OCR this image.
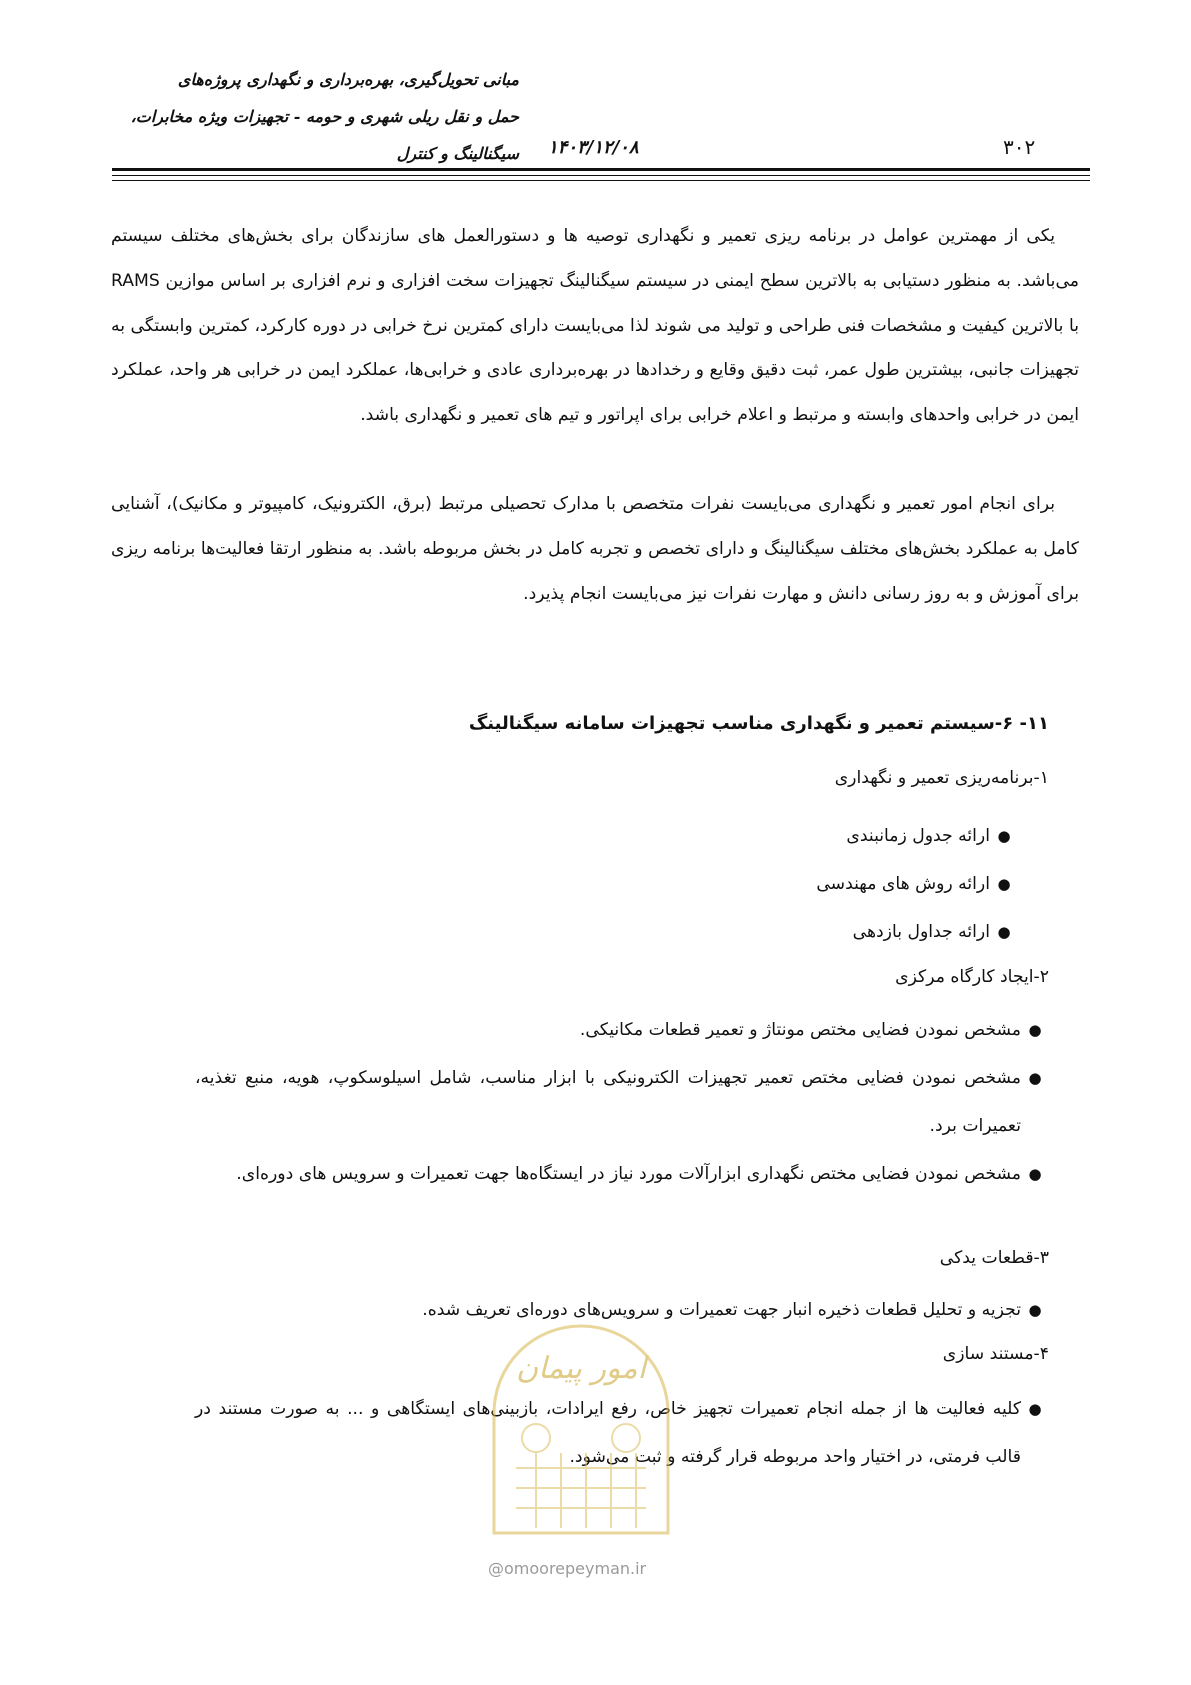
مبانی تحویل‌گیری، بهره‌برداری و نگهداری پروژه‌های
حمل و نقل ریلی شهری و حومه - تجهیزات ویژه مخابرات،
سیگنالینگ و کنترل ۱۴۰۳/۱۲/۰۸	۳۰۲

یکی از مهمترین عوامل در برنامه ریزی تعمیر و نگهداری توصیه ها و دستورالعمل های سازندگان برای بخش‌های مختلف سیستم می‌باشد. به منظور دستیابی به بالاترین سطح ایمنی در سیستم سیگنالینگ تجهیزات سخت افزاری و نرم افزاری بر اساس موازین RAMS با بالاترین کیفیت و مشخصات فنی طراحی و تولید می شوند لذا می‌بایست دارای کمترین نرخ خرابی در دوره کارکرد، کمترین وابستگی به تجهیزات جانبی، بیشترین طول عمر، ثبت دقیق وقایع و رخدادها در بهره‌برداری عادی و خرابی‌ها، عملکرد ایمن در خرابی هر واحد، عملکرد ایمن در خرابی واحدهای وابسته و مرتبط و اعلام خرابی برای اپراتور و تیم های تعمیر و نگهداری باشد.

برای انجام امور تعمیر و نگهداری می‌بایست نفرات متخصص با مدارک تحصیلی مرتبط (برق، الکترونیک، کامپیوتر و مکانیک)، آشنایی کامل به عملکرد بخش‌های مختلف سیگنالینگ و دارای تخصص و تجربه کامل در بخش مربوطه باشد. به منظور ارتقا فعالیت‌ها برنامه ریزی برای آموزش و به روز رسانی دانش و مهارت نفرات نیز می‌بایست انجام پذیرد.

۱۱- ۶-سیستم تعمیر و نگهداری مناسب تجهیزات سامانه سیگنالینگ
۱-برنامه‌ریزی تعمیر و نگهداری
●
ارائه جدول زمانبندی
●
ارائه روش های مهندسی
●
ارائه جداول بازدهی
۲-ایجاد کارگاه مرکزی
●
مشخص نمودن فضایی مختص مونتاژ و تعمیر قطعات مکانیکی.
●
مشخص نمودن فضایی مختص تعمیر تجهیزات الکترونیکی با ابزار مناسب، شامل اسیلوسکوپ، هویه، منبع تغذیه، تعمیرات برد.
●
مشخص نمودن فضایی مختص نگهداری ابزارآلات مورد نیاز در ایستگاه‌ها جهت تعمیرات و سرویس های دوره‌ای.
۳-قطعات یدکی
●
تجزیه و تحلیل قطعات ذخیره انبار جهت تعمیرات و سرویس‌های دوره‌ای تعریف شده.
۴-مستند سازی
●
کلیه فعالیت ها از جمله انجام تعمیرات تجهیز خاص، رفع ایرادات، بازبینی‌های ایستگاهی و ... به صورت مستند در قالب فرمتی، در اختیار واحد مربوطه قرار گرفته و ثبت می‌شود.
امور پیمان
@omoorepeyman.ir
